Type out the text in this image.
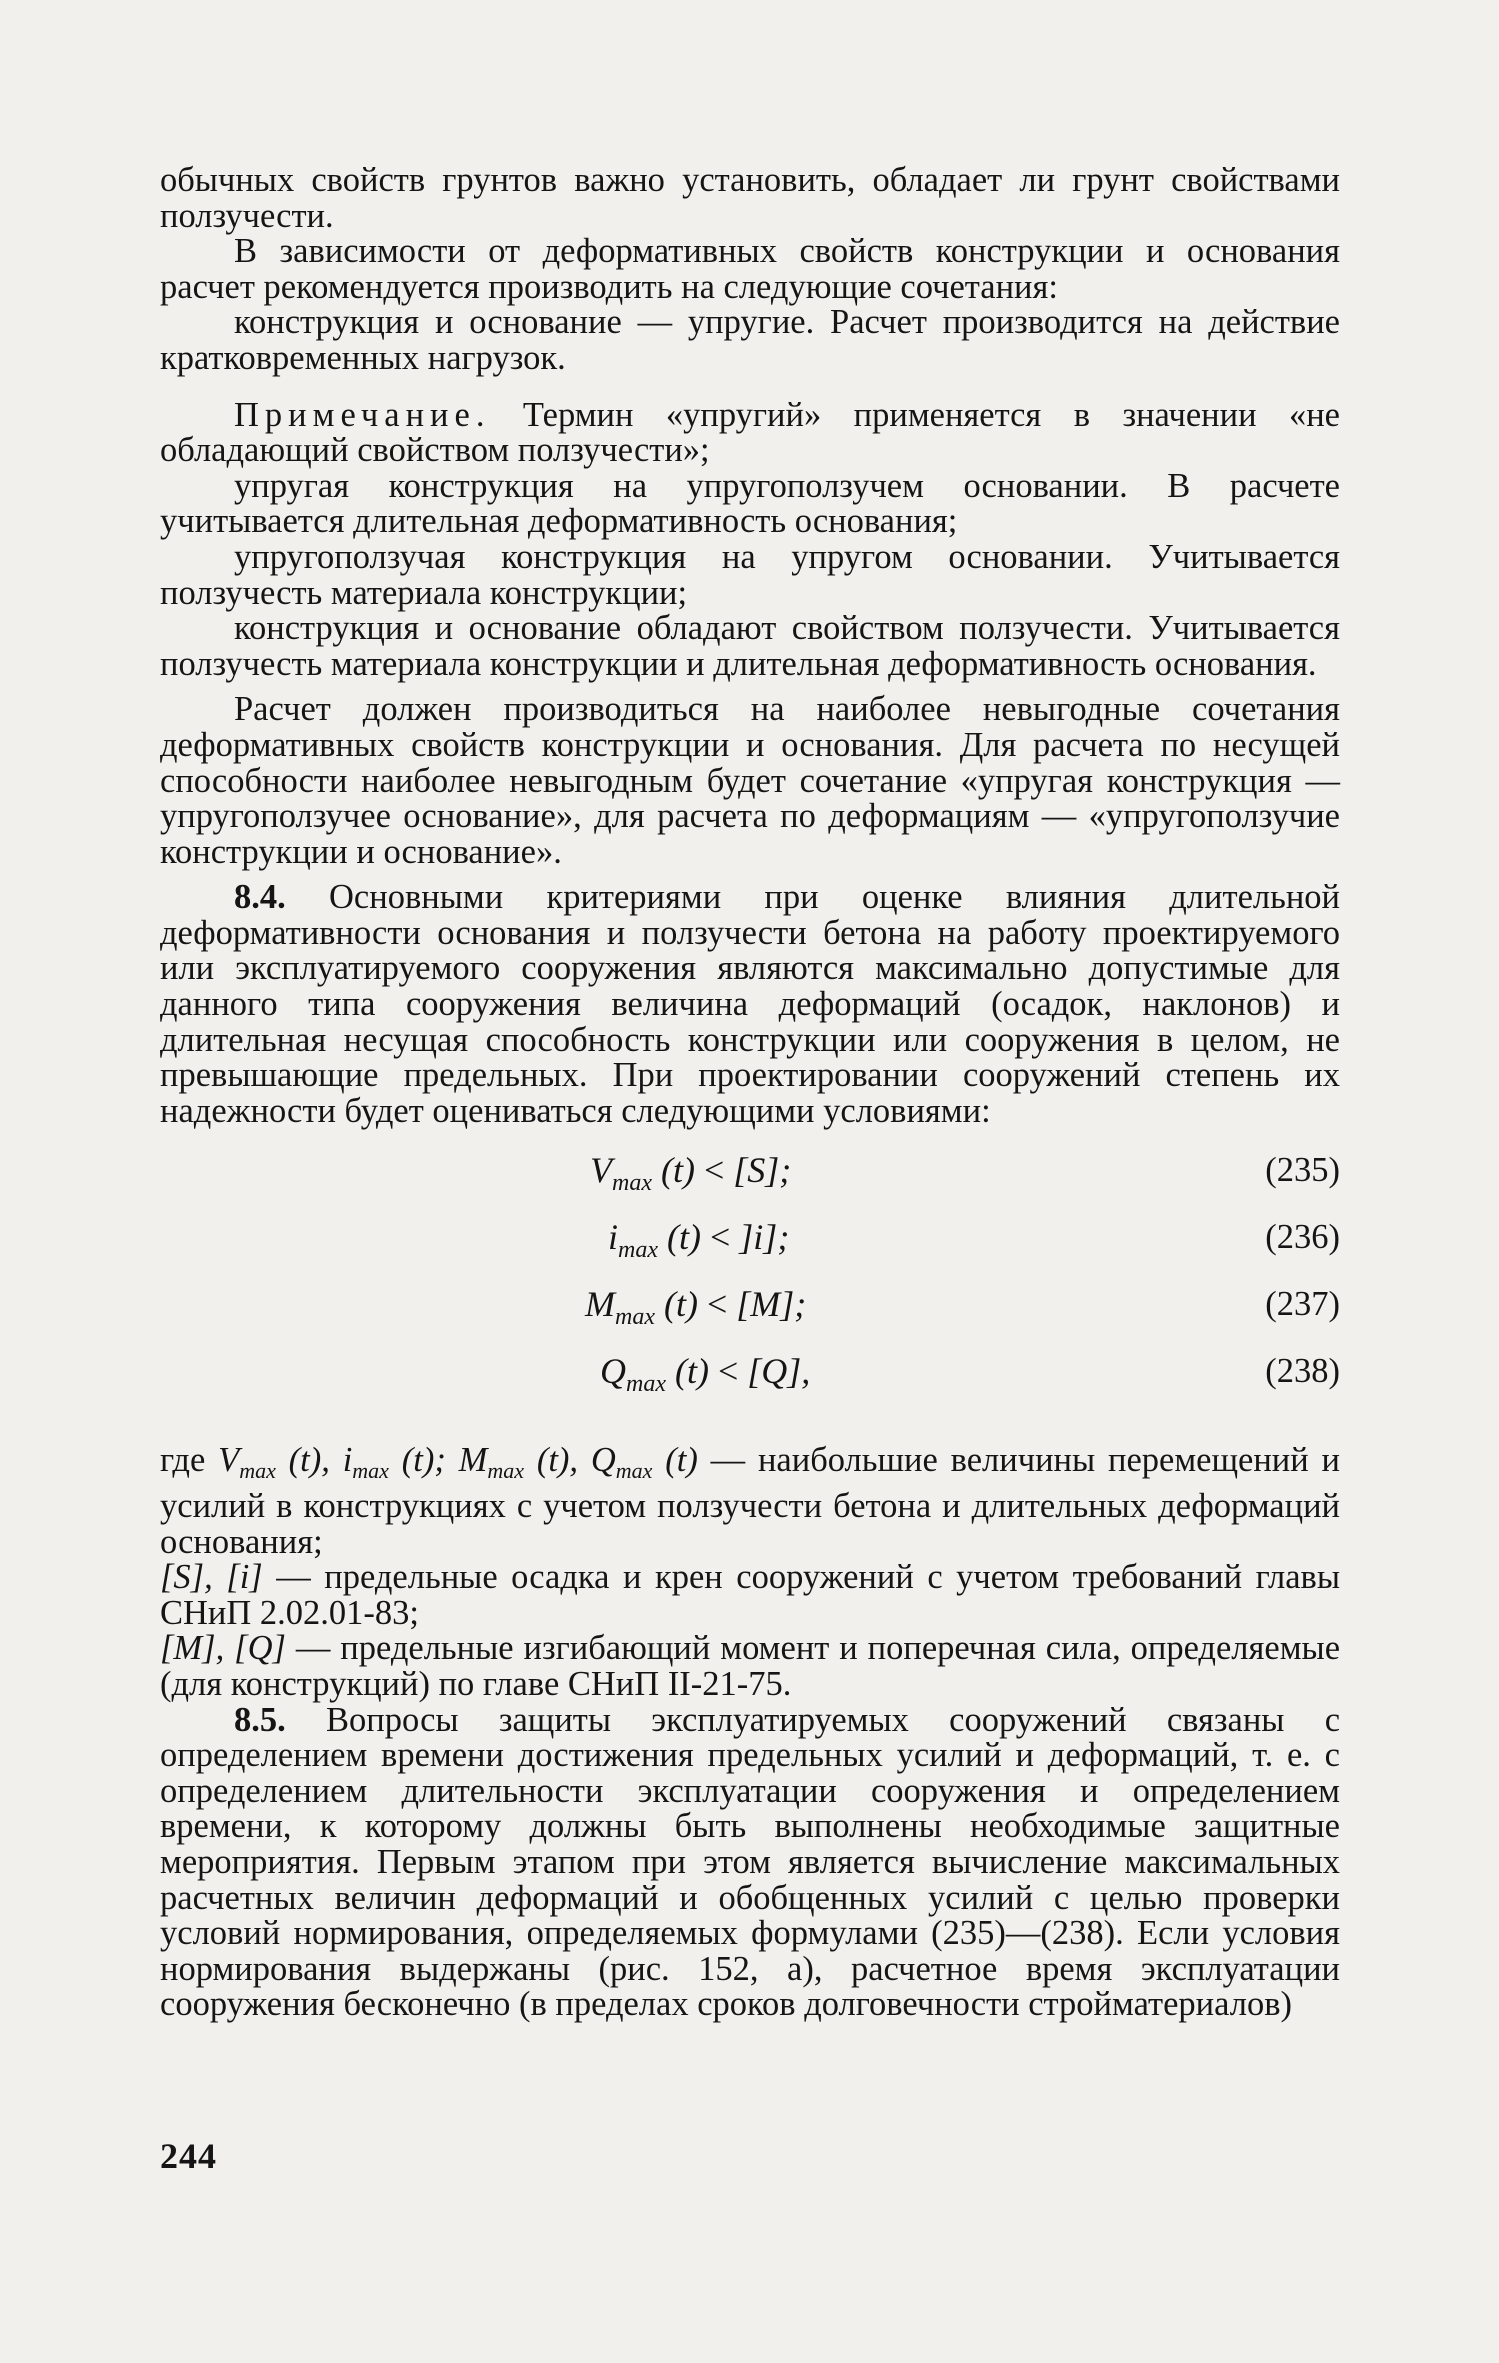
обычных свойств грунтов важно установить, обладает ли грунт свойствами ползучести.

В зависимости от деформативных свойств конструкции и основания расчет рекомендуется производить на следующие сочетания:

конструкция и основание — упругие. Расчет производится на действие кратковременных нагрузок.

Примечание. Термин «упругий» применяется в значении «не обладающий свойством ползучести»;

упругая конструкция на упругоползучем основании. В расчете учитывается длительная деформативность основания;

упругоползучая конструкция на упругом основании. Учитывается ползучесть материала конструкции;

конструкция и основание обладают свойством ползучести. Учитывается ползучесть материала конструкции и длительная деформативность основания.

Расчет должен производиться на наиболее невыгодные сочетания деформативных свойств конструкции и основания. Для расчета по несущей способности наиболее невыгодным будет сочетание «упругая конструкция — упругоползучее основание», для расчета по деформациям — «упругоползучие конструкции и основание».

8.4. Основными критериями при оценке влияния длительной деформативности основания и ползучести бетона на работу проектируемого или эксплуатируемого сооружения являются максимально допустимые для данного типа сооружения величина деформаций (осадок, наклонов) и длительная несущая способность конструкции или сооружения в целом, не превышающие предельных. При проектировании сооружений степень их надежности будет оцениваться следующими условиями:

$V_{max}$ (t) < [S];	(235)
$i_{max}$ (t) < ]i];	(236)
$M_{max}$ (t) < [M];	(237)
$Q_{max}$ (t) < [Q],	(238)

где $V_{max}$ (t), $i_{max}$ (t); $M_{max}$ (t), $Q_{max}$ (t) — наибольшие величины перемещений и усилий в конструкциях с учетом ползучести бетона и длительных деформаций основания;

[S], [i] — предельные осадка и крен сооружений с учетом требований главы СНиП 2.02.01-83;

[M], [Q] — предельные изгибающий момент и поперечная сила, определяемые (для конструкций) по главе СНиП II-21-75.

8.5. Вопросы защиты эксплуатируемых сооружений связаны с определением времени достижения предельных усилий и деформаций, т. е. с определением длительности эксплуатации сооружения и определением времени, к которому должны быть выполнены необходимые защитные мероприятия. Первым этапом при этом является вычисление максимальных расчетных величин деформаций и обобщенных усилий с целью проверки условий нормирования, определяемых формулами (235)—(238). Если условия нормирования выдержаны (рис. 152, а), расчетное время эксплуатации сооружения бесконечно (в пределах сроков долговечности стройматериалов)

244
